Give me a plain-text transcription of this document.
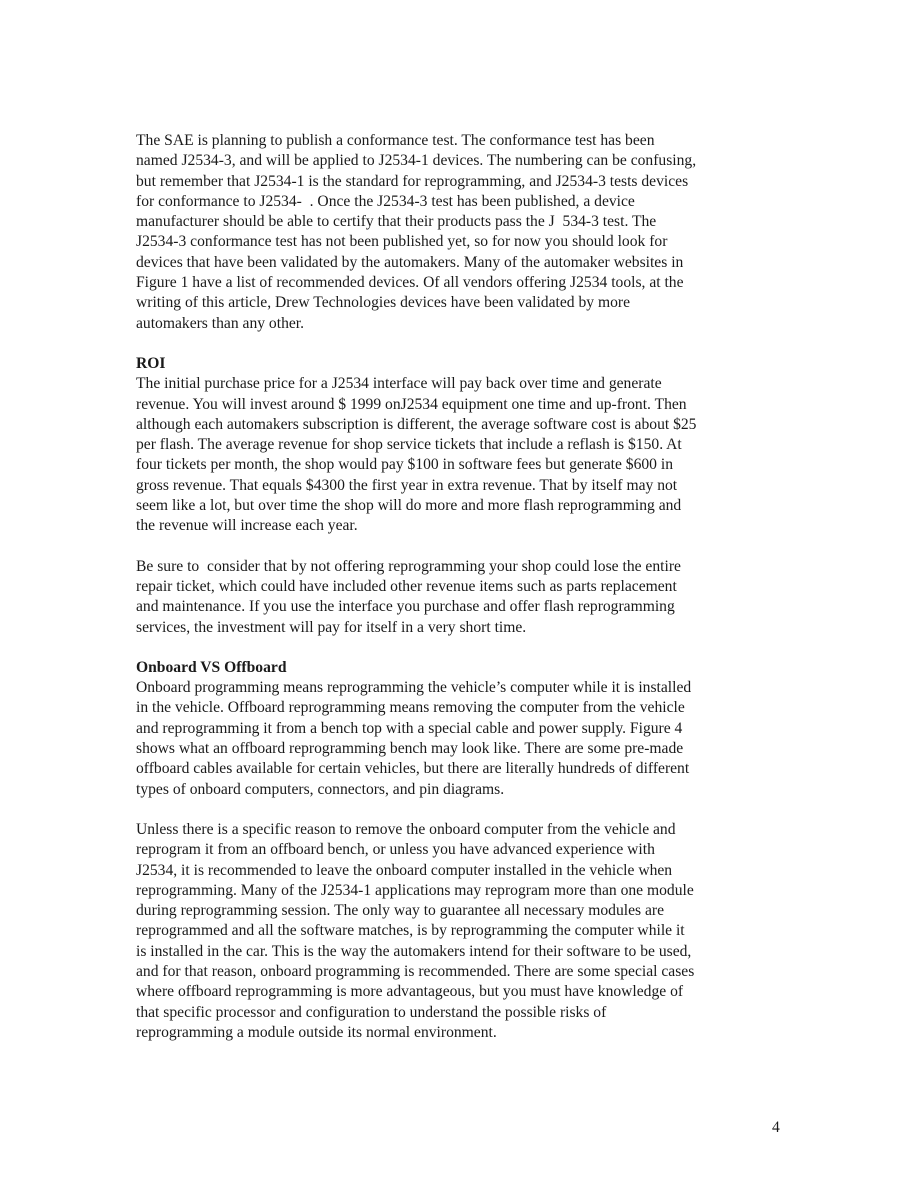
The SAE is planning to publish a conformance test. The conformance test has been
named J2534-3, and will be applied to J2534-1 devices. The numbering can be confusing,
but remember that J2534-1 is the standard for reprogramming, and J2534-3 tests devices
for conformance to J2534-  . Once the J2534-3 test has been published, a device
manufacturer should be able to certify that their products pass the J  534-3 test. The
J2534-3 conformance test has not been published yet, so for now you should look for
devices that have been validated by the automakers. Many of the automaker websites in
Figure 1 have a list of recommended devices. Of all vendors offering J2534 tools, at the
writing of this article, Drew Technologies devices have been validated by more
automakers than any other.
ROI
The initial purchase price for a J2534 interface will pay back over time and generate
revenue. You will invest around $ 1999 onJ2534 equipment one time and up-front. Then
although each automakers subscription is different, the average software cost is about $25
per flash. The average revenue for shop service tickets that include a reflash is $150. At
four tickets per month, the shop would pay $100 in software fees but generate $600 in
gross revenue. That equals $4300 the first year in extra revenue. That by itself may not
seem like a lot, but over time the shop will do more and more flash reprogramming and
the revenue will increase each year.
Be sure to  consider that by not offering reprogramming your shop could lose the entire
repair ticket, which could have included other revenue items such as parts replacement
and maintenance. If you use the interface you purchase and offer flash reprogramming
services, the investment will pay for itself in a very short time.
Onboard VS Offboard
Onboard programming means reprogramming the vehicle’s computer while it is installed
in the vehicle. Offboard reprogramming means removing the computer from the vehicle
and reprogramming it from a bench top with a special cable and power supply. Figure 4
shows what an offboard reprogramming bench may look like. There are some pre-made
offboard cables available for certain vehicles, but there are literally hundreds of different
types of onboard computers, connectors, and pin diagrams.
Unless there is a specific reason to remove the onboard computer from the vehicle and
reprogram it from an offboard bench, or unless you have advanced experience with
J2534, it is recommended to leave the onboard computer installed in the vehicle when
reprogramming. Many of the J2534-1 applications may reprogram more than one module
during reprogramming session. The only way to guarantee all necessary modules are
reprogrammed and all the software matches, is by reprogramming the computer while it
is installed in the car. This is the way the automakers intend for their software to be used,
and for that reason, onboard programming is recommended. There are some special cases
where offboard reprogramming is more advantageous, but you must have knowledge of
that specific processor and configuration to understand the possible risks of
reprogramming a module outside its normal environment.
4
